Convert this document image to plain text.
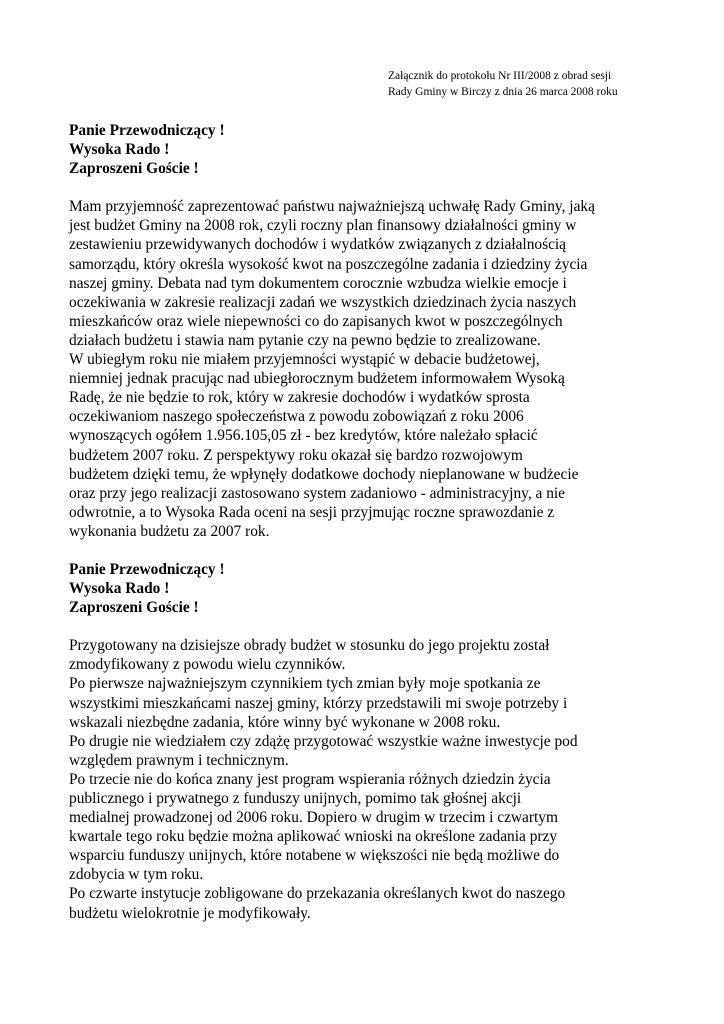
Załącznik do protokołu Nr III/2008 z obrad sesji
Rady Gminy w Birczy z dnia 26 marca 2008 roku
Panie Przewodniczący !
Wysoka Rado !
Zaproszeni Goście !
Mam przyjemność zaprezentować państwu najważniejszą uchwałę Rady Gminy, jaką
jest budżet Gminy na 2008 rok, czyli roczny plan finansowy działalności gminy w
zestawieniu przewidywanych dochodów i wydatków związanych z działalnością
samorządu, który określa wysokość kwot na poszczególne zadania i dziedziny życia
naszej gminy. Debata nad tym dokumentem corocznie wzbudza wielkie emocje i
oczekiwania w zakresie realizacji zadań we wszystkich dziedzinach życia naszych
mieszkańców oraz wiele niepewności co do zapisanych kwot w poszczególnych
działach budżetu i stawia nam pytanie czy na pewno będzie to zrealizowane.
W ubiegłym roku nie miałem przyjemności wystąpić w debacie budżetowej,
niemniej jednak pracując nad ubiegłorocznym budżetem informowałem Wysoką
Radę, że nie będzie to rok, który w zakresie dochodów i wydatków sprosta
oczekiwaniom naszego społeczeństwa z powodu zobowiązań z roku 2006
wynoszących ogółem 1.956.105,05 zł - bez kredytów, które należało spłacić
budżetem 2007 roku. Z perspektywy roku okazał się bardzo rozwojowym
budżetem dzięki temu, że wpłynęły dodatkowe dochody nieplanowane w budżecie
oraz przy jego realizacji zastosowano system zadaniowo - administracyjny, a nie
odwrotnie, a to Wysoka Rada oceni na sesji przyjmując roczne sprawozdanie z
wykonania budżetu za 2007 rok.
Panie Przewodniczący !
Wysoka Rado !
Zaproszeni Goście !
Przygotowany na dzisiejsze obrady budżet w stosunku do jego projektu został
zmodyfikowany z powodu wielu czynników.
Po pierwsze najważniejszym czynnikiem tych zmian były moje spotkania ze
wszystkimi mieszkańcami naszej gminy, którzy przedstawili mi swoje potrzeby i
wskazali niezbędne zadania, które winny być wykonane w 2008 roku.
Po drugie nie wiedziałem czy zdążę przygotować wszystkie ważne inwestycje pod
względem prawnym i technicznym.
Po trzecie nie do końca znany jest program wspierania różnych dziedzin życia
publicznego i prywatnego z funduszy unijnych, pomimo tak głośnej akcji
medialnej prowadzonej od 2006 roku. Dopiero w drugim w trzecim i czwartym
kwartale tego roku będzie można aplikować wnioski na określone zadania przy
wsparciu funduszy unijnych, które notabene w większości nie będą możliwe do
zdobycia w tym roku.
Po czwarte instytucje zobligowane do przekazania określanych kwot do naszego
budżetu wielokrotnie je modyfikowały.
